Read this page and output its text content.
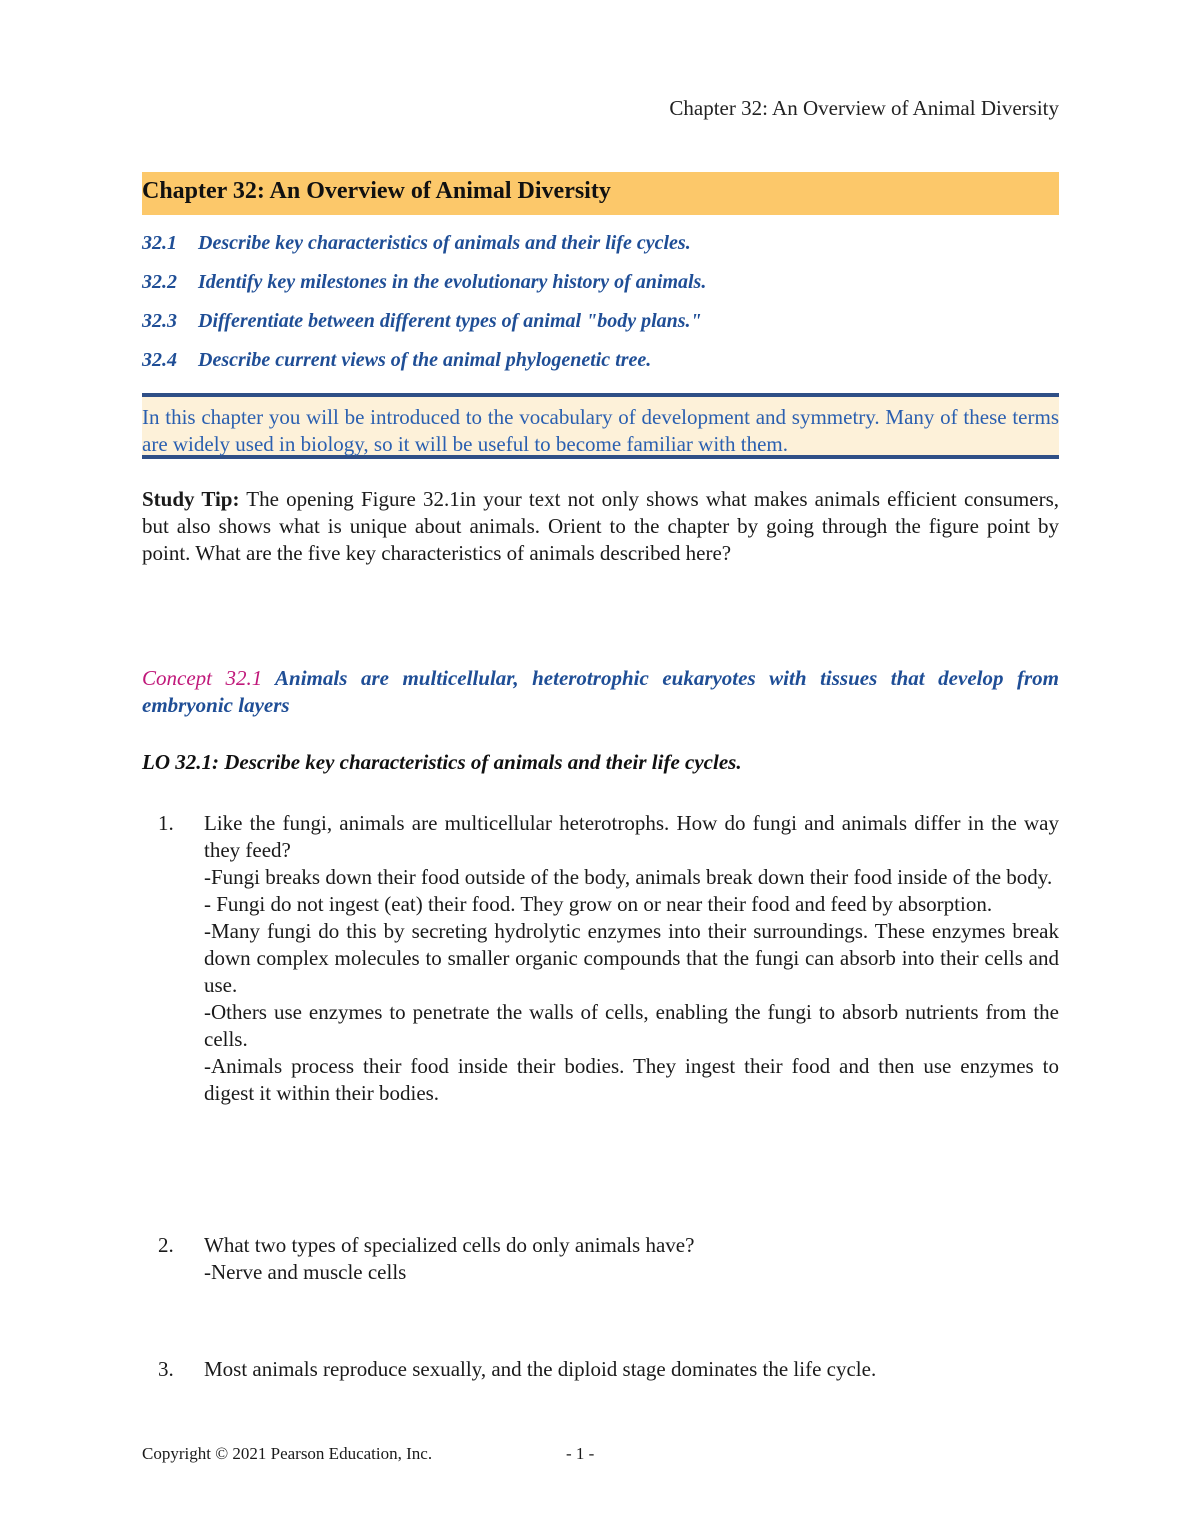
Chapter 32: An Overview of Animal Diversity
Chapter 32: An Overview of Animal Diversity
32.1 Describe key characteristics of animals and their life cycles.
32.2 Identify key milestones in the evolutionary history of animals.
32.3 Differentiate between different types of animal "body plans."
32.4 Describe current views of the animal phylogenetic tree.
In this chapter you will be introduced to the vocabulary of development and symmetry. Many of these terms are widely used in biology, so it will be useful to become familiar with them.
Study Tip: The opening Figure 32.1in your text not only shows what makes animals efficient consumers, but also shows what is unique about animals. Orient to the chapter by going through the figure point by point. What are the five key characteristics of animals described here?
Concept 32.1 Animals are multicellular, heterotrophic eukaryotes with tissues that develop from embryonic layers
LO 32.1: Describe key characteristics of animals and their life cycles.
1. Like the fungi, animals are multicellular heterotrophs. How do fungi and animals differ in the way they feed?

-Fungi breaks down their food outside of the body, animals break down their food inside of the body.

- Fungi do not ingest (eat) their food. They grow on or near their food and feed by absorption.

-Many fungi do this by secreting hydrolytic enzymes into their surroundings. These enzymes break down complex molecules to smaller organic compounds that the fungi can absorb into their cells and use.

-Others use enzymes to penetrate the walls of cells, enabling the fungi to absorb nutrients from the cells.

-Animals process their food inside their bodies. They ingest their food and then use enzymes to digest it within their bodies.

2. What two types of specialized cells do only animals have?

-Nerve and muscle cells

3. Most animals reproduce sexually, and the diploid stage dominates the life cycle.

Copyright © 2021 Pearson Education, Inc.	- 1 -
